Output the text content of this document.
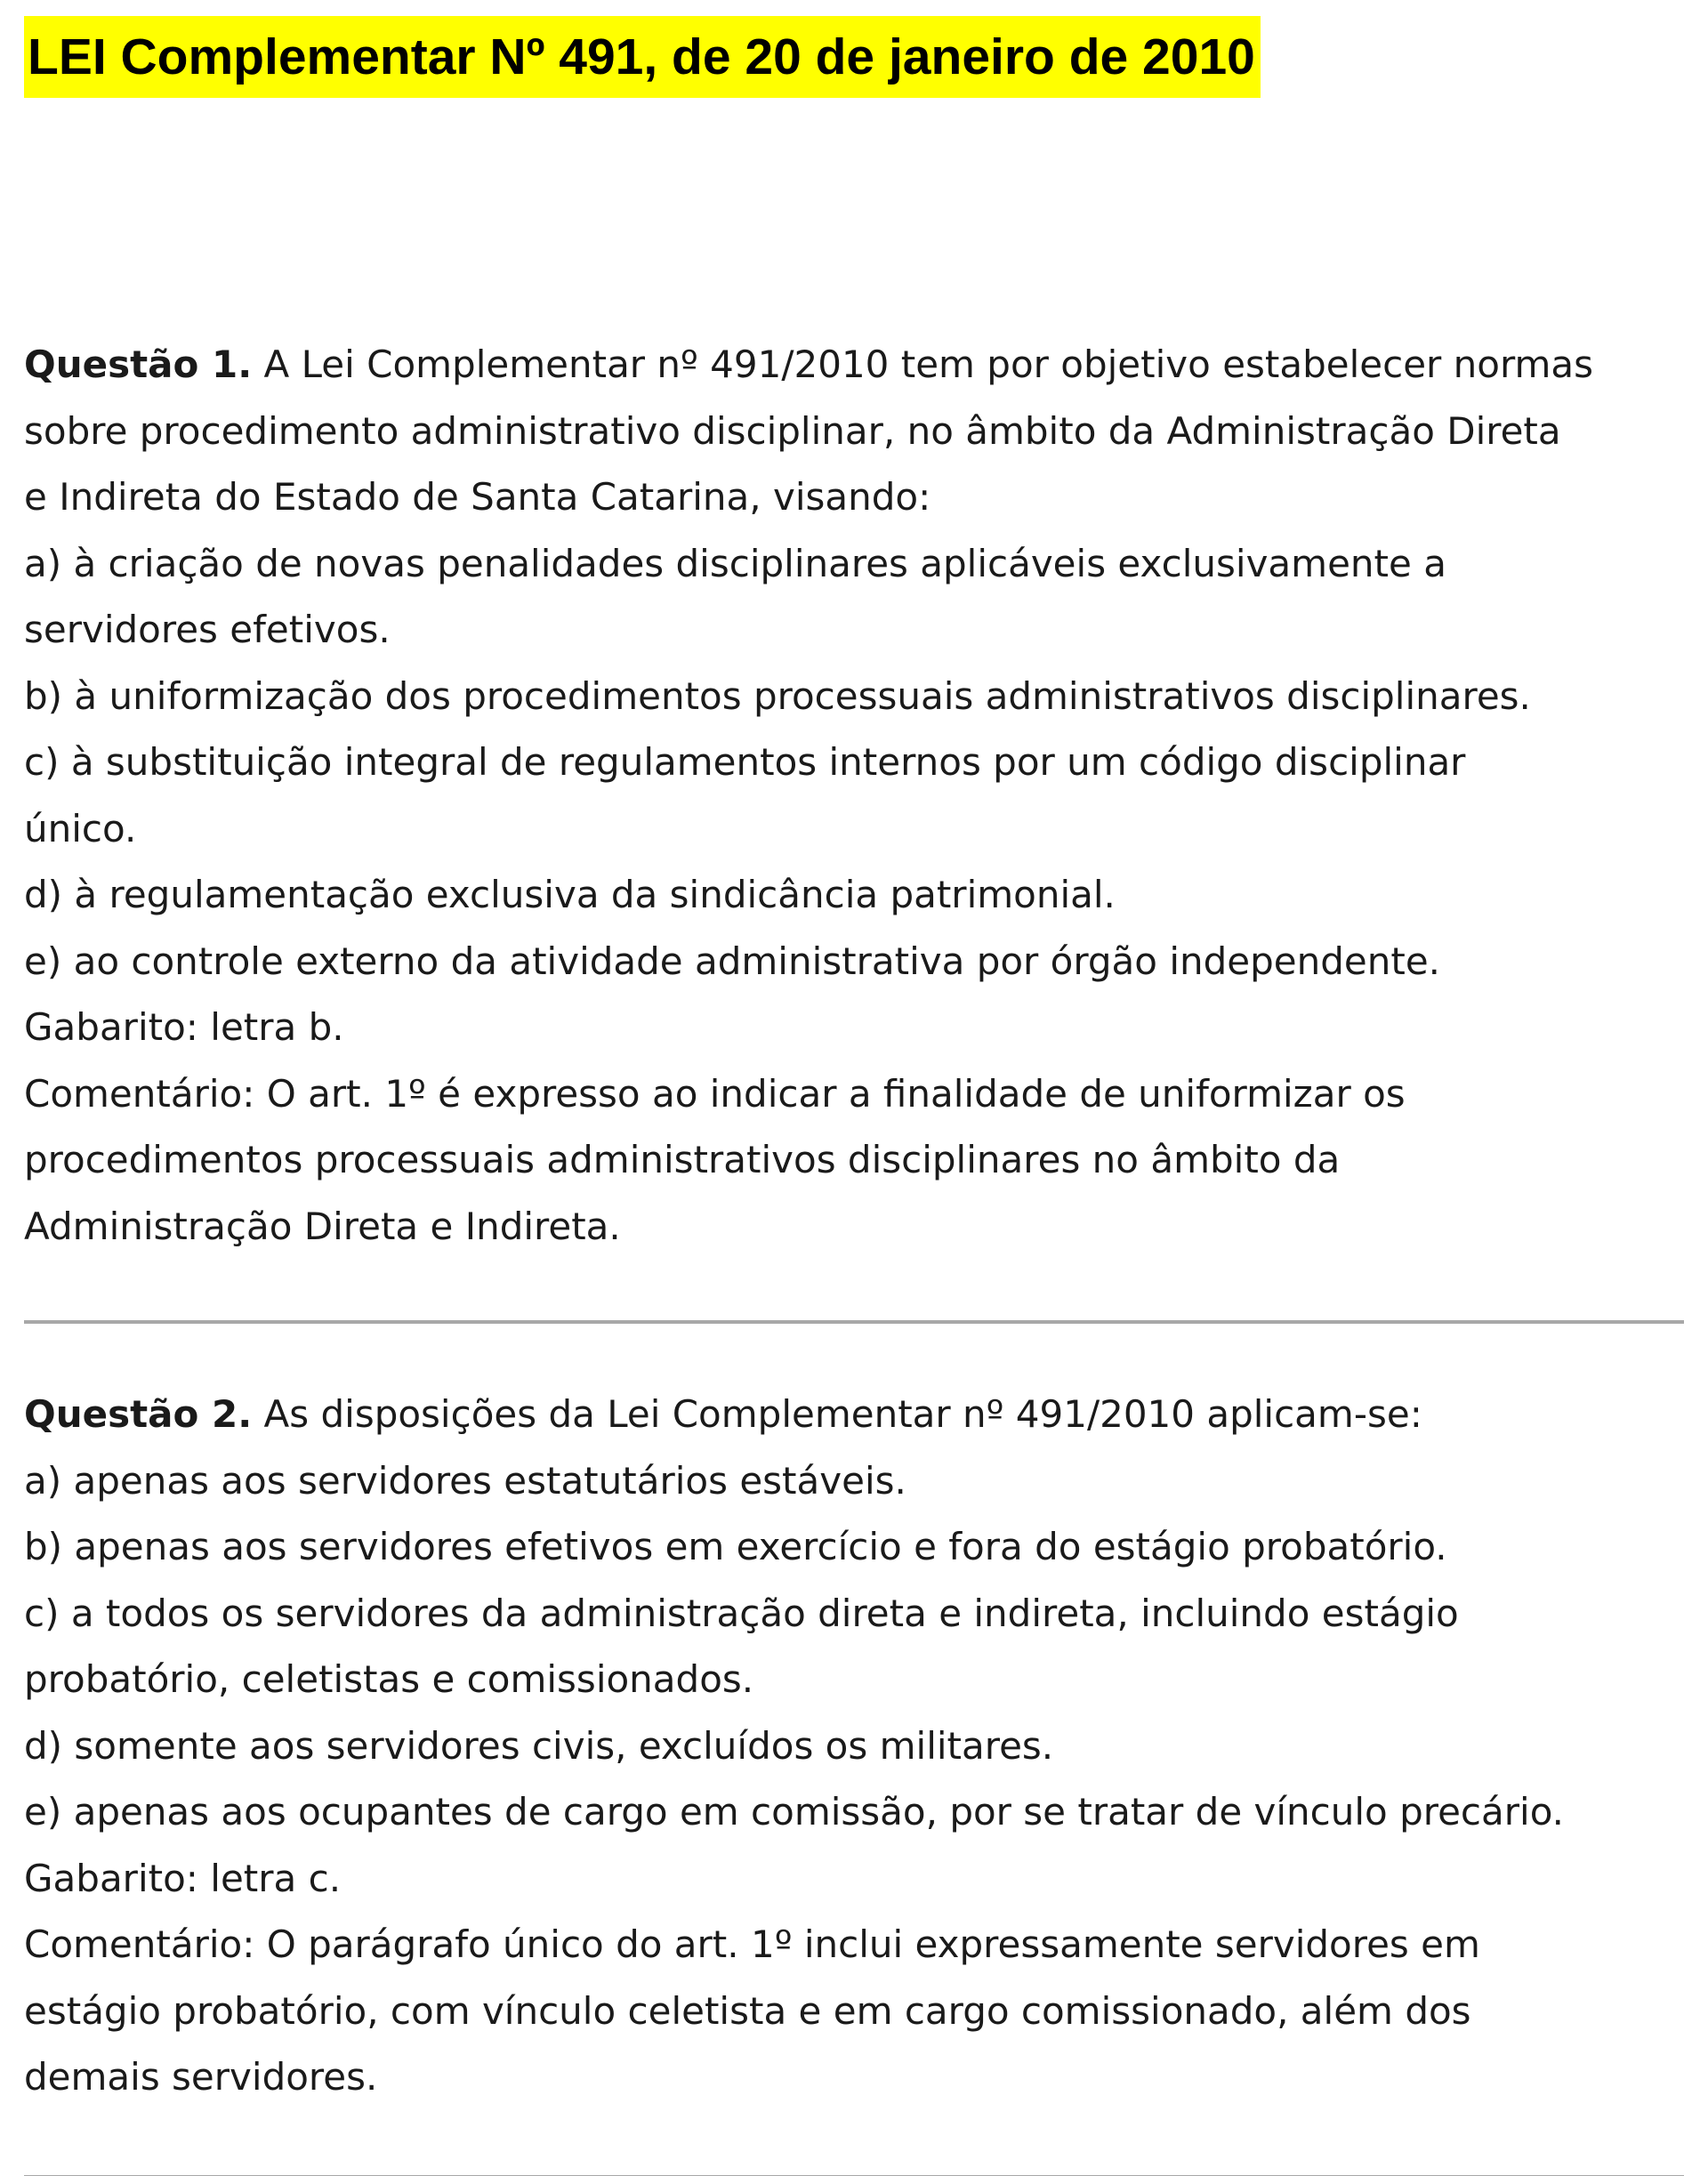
LEI Complementar Nº 491, de 20 de janeiro de 2010

Questão 1. A Lei Complementar nº 491/2010 tem por objetivo estabelecer normas

sobre procedimento administrativo disciplinar, no âmbito da Administração Direta

e Indireta do Estado de Santa Catarina, visando:

a) à criação de novas penalidades disciplinares aplicáveis exclusivamente a

servidores efetivos.

b) à uniformização dos procedimentos processuais administrativos disciplinares.

c) à substituição integral de regulamentos internos por um código disciplinar

único.

d) à regulamentação exclusiva da sindicância patrimonial.

e) ao controle externo da atividade administrativa por órgão independente.

Gabarito: letra b.

Comentário: O art. 1º é expresso ao indicar a finalidade de uniformizar os

procedimentos processuais administrativos disciplinares no âmbito da

Administração Direta e Indireta.

Questão 2. As disposições da Lei Complementar nº 491/2010 aplicam-se:

a) apenas aos servidores estatutários estáveis.

b) apenas aos servidores efetivos em exercício e fora do estágio probatório.

c) a todos os servidores da administração direta e indireta, incluindo estágio

probatório, celetistas e comissionados.

d) somente aos servidores civis, excluídos os militares.

e) apenas aos ocupantes de cargo em comissão, por se tratar de vínculo precário.

Gabarito: letra c.

Comentário: O parágrafo único do art. 1º inclui expressamente servidores em

estágio probatório, com vínculo celetista e em cargo comissionado, além dos

demais servidores.
